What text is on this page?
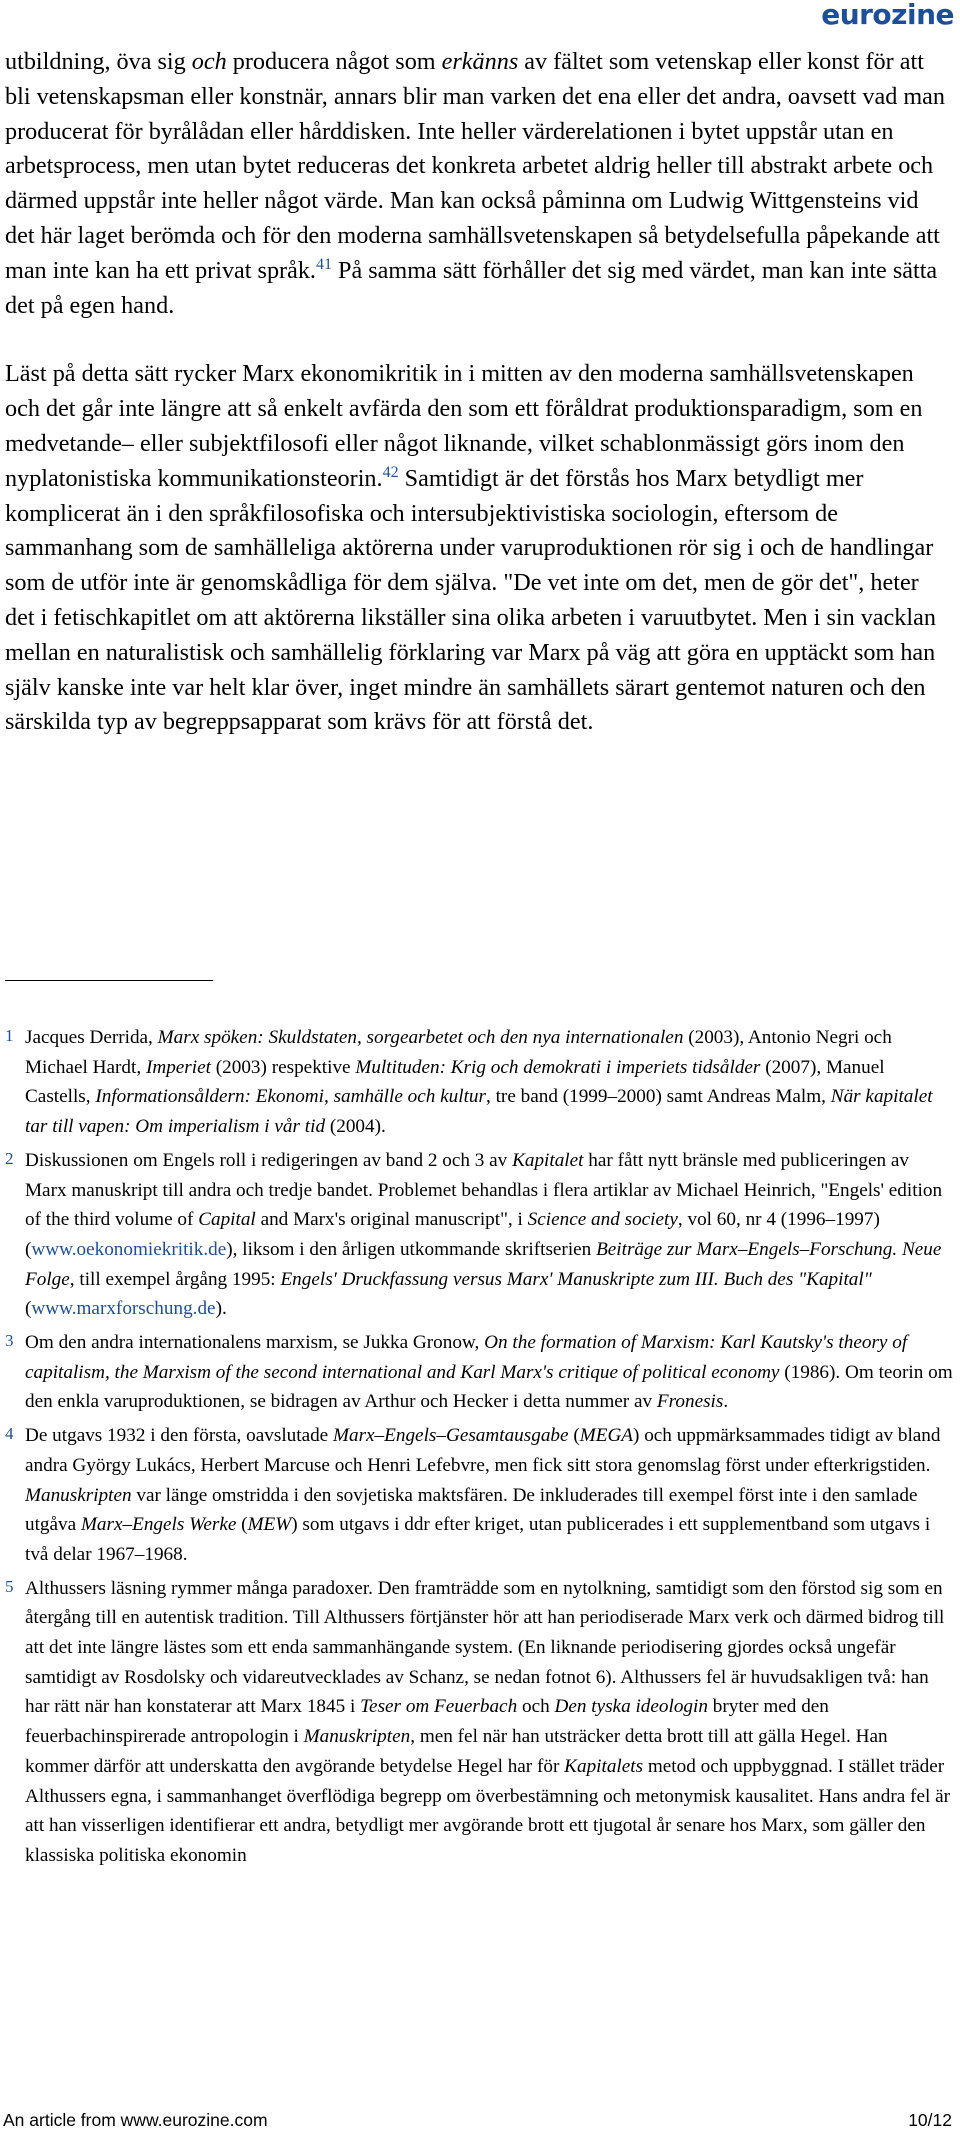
eurozine

utbildning, öva sig och producera något som erkänns av fältet som vetenskap eller konst för att bli vetenskapsman eller konstnär, annars blir man varken det ena eller det andra, oavsett vad man producerat för byrålådan eller hårddisken. Inte heller värderelationen i bytet uppstår utan en arbetsprocess, men utan bytet reduceras det konkreta arbetet aldrig heller till abstrakt arbete och därmed uppstår inte heller något värde. Man kan också påminna om Ludwig Wittgensteins vid det här laget berömda och för den moderna samhällsvetenskapen så betydelsefulla påpekande att man inte kan ha ett privat språk.$^{41}$ På samma sätt förhåller det sig med värdet, man kan inte sätta det på egen hand.

Läst på detta sätt rycker Marx ekonomikritik in i mitten av den moderna samhällsvetenskapen och det går inte längre att så enkelt avfärda den som ett föråldrat produktionsparadigm, som en medvetande– eller subjektfilosofi eller något liknande, vilket schablonmässigt görs inom den nyplatonistiska kommunikationsteorin.$^{42}$ Samtidigt är det förstås hos Marx betydligt mer komplicerat än i den språkfilosofiska och intersubjektivistiska sociologin, eftersom de sammanhang som de samhälleliga aktörerna under varuproduktionen rör sig i och de handlingar som de utför inte är genomskådliga för dem själva. "De vet inte om det, men de gör det", heter det i fetischkapitlet om att aktörerna likställer sina olika arbeten i varuutbytet. Men i sin vacklan mellan en naturalistisk och samhällelig förklaring var Marx på väg att göra en upptäckt som han själv kanske inte var helt klar över, inget mindre än samhällets särart gentemot naturen och den särskilda typ av begreppsapparat som krävs för att förstå det.

1 Jacques Derrida, Marx spöken: Skuldstaten, sorgearbetet och den nya internationalen (2003), Antonio Negri och Michael Hardt, Imperiet (2003) respektive Multituden: Krig och demokrati i imperiets tidsålder (2007), Manuel Castells, Informationsåldern: Ekonomi, samhälle och kultur, tre band (1999–2000) samt Andreas Malm, När kapitalet tar till vapen: Om imperialism i vår tid (2004).
2 Diskussionen om Engels roll i redigeringen av band 2 och 3 av Kapitalet har fått nytt bränsle med publiceringen av Marx manuskript till andra och tredje bandet. Problemet behandlas i flera artiklar av Michael Heinrich, "Engels' edition of the third volume of Capital and Marx's original manuscript", i Science and society, vol 60, nr 4 (1996–1997) (www.oekonomiekritik.de), liksom i den årligen utkommande skriftserien Beiträge zur Marx–Engels–Forschung. Neue Folge, till exempel årgång 1995: Engels' Druckfassung versus Marx' Manuskripte zum III. Buch des "Kapital" (www.marxforschung.de).
3 Om den andra internationalens marxism, se Jukka Gronow, On the formation of Marxism: Karl Kautsky's theory of capitalism, the Marxism of the second international and Karl Marx's critique of political economy (1986). Om teorin om den enkla varuproduktionen, se bidragen av Arthur och Hecker i detta nummer av Fronesis.
4 De utgavs 1932 i den första, oavslutade Marx–Engels–Gesamtausgabe (MEGA) och uppmärksammades tidigt av bland andra György Lukács, Herbert Marcuse och Henri Lefebvre, men fick sitt stora genomslag först under efterkrigstiden. Manuskripten var länge omstridda i den sovjetiska maktsfären. De inkluderades till exempel först inte i den samlade utgåva Marx–Engels Werke (MEW) som utgavs i ddr efter kriget, utan publicerades i ett supplementband som utgavs i två delar 1967–1968.
5 Althussers läsning rymmer många paradoxer. Den framträdde som en nytolkning, samtidigt som den förstod sig som en återgång till en autentisk tradition. Till Althussers förtjänster hör att han periodiserade Marx verk och därmed bidrog till att det inte längre lästes som ett enda sammanhängande system. (En liknande periodisering gjordes också ungefär samtidigt av Rosdolsky och vidareutvecklades av Schanz, se nedan fotnot 6). Althussers fel är huvudsakligen två: han har rätt när han konstaterar att Marx 1845 i Teser om Feuerbach och Den tyska ideologin bryter med den feuerbachinspirerade antropologin i Manuskripten, men fel när han utsträcker detta brott till att gälla Hegel. Han kommer därför att underskatta den avgörande betydelse Hegel har för Kapitalets metod och uppbyggnad. I stället träder Althussers egna, i sammanhanget överflödiga begrepp om överbestämning och metonymisk kausalitet. Hans andra fel är att han visserligen identifierar ett andra, betydligt mer avgörande brott ett tjugotal år senare hos Marx, som gäller den klassiska politiska ekonomin
An article from www.eurozine.com	10/12
